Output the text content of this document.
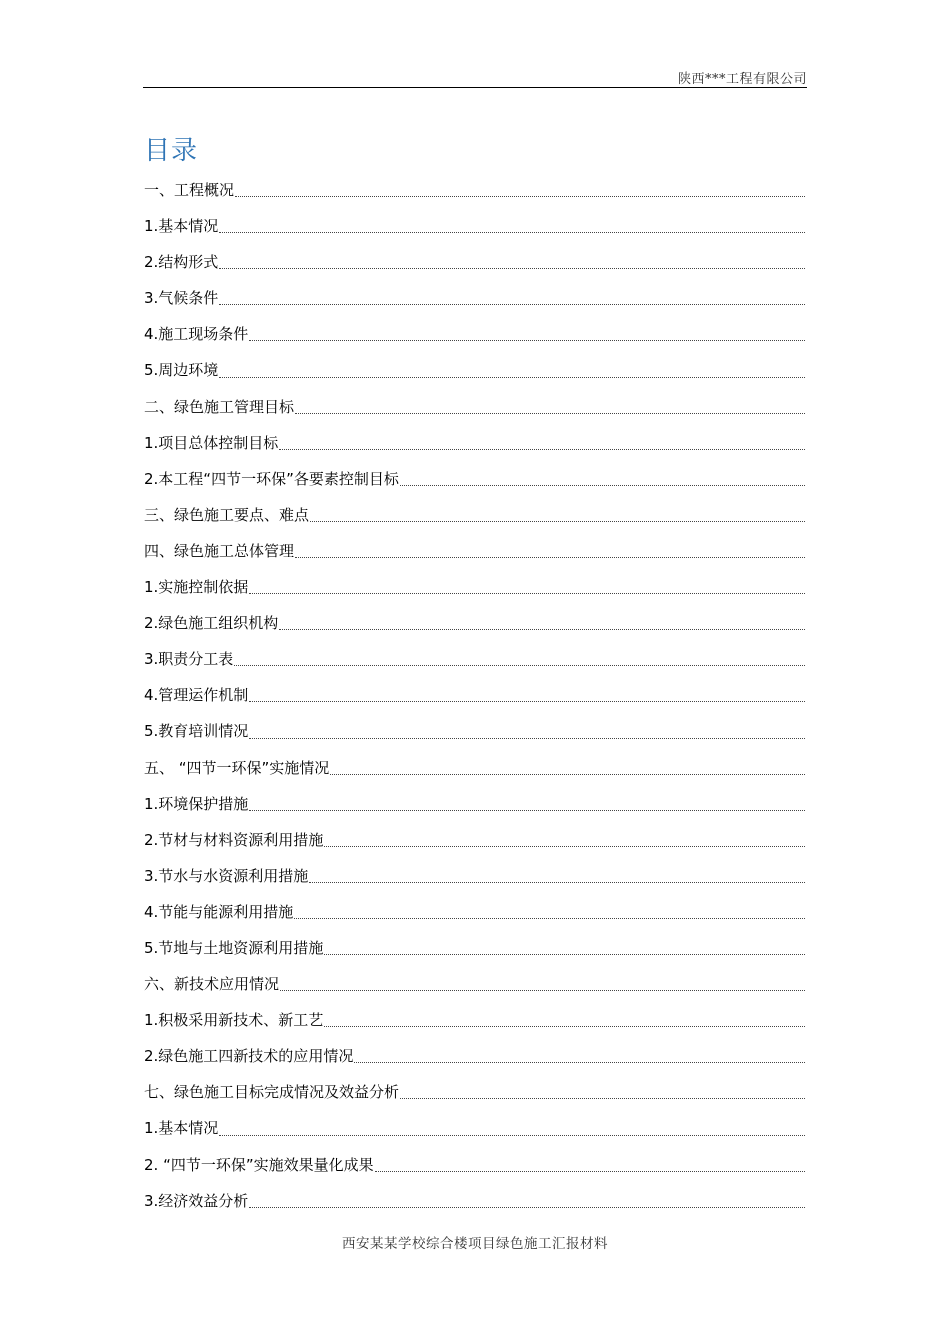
陕西***工程有限公司
目录
一、工程概况
1.基本情况
2.结构形式
3.气候条件
4.施工现场条件
5.周边环境
二、绿色施工管理目标
1.项目总体控制目标
2.本工程“四节一环保”各要素控制目标
三、绿色施工要点、难点
四、绿色施工总体管理
1.实施控制依据
2.绿色施工组织机构
3.职责分工表
4.管理运作机制
5.教育培训情况
五、 “四节一环保”实施情况
1.环境保护措施
2.节材与材料资源利用措施
3.节水与水资源利用措施
4.节能与能源利用措施
5.节地与土地资源利用措施
六、新技术应用情况
1.积极采用新技术、新工艺
2.绿色施工四新技术的应用情况
七、绿色施工目标完成情况及效益分析
1.基本情况
2. “四节一环保”实施效果量化成果
3.经济效益分析
西安某某学校综合楼项目绿色施工汇报材料
